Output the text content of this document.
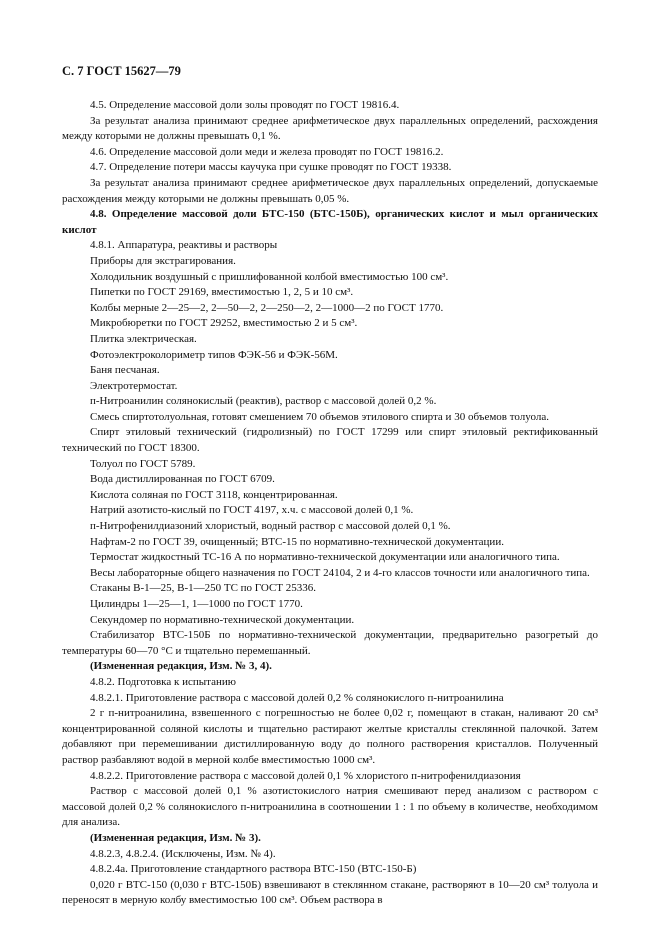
С. 7 ГОСТ 15627—79

4.5. Определение массовой доли золы проводят по ГОСТ 19816.4.

За результат анализа принимают среднее арифметическое двух параллельных определений, расхождения между которыми не должны превышать 0,1 %.

4.6. Определение массовой доли меди и железа проводят по ГОСТ 19816.2.

4.7. Определение потери массы каучука при сушке проводят по ГОСТ 19338.

За результат анализа принимают среднее арифметическое двух параллельных определений, допускаемые расхождения между которыми не должны превышать 0,05 %.

4.8. Определение массовой доли БТС-150 (БТС-150Б), органических кислот и мыл органических кислот

4.8.1. Аппаратура, реактивы и растворы

Приборы для экстрагирования.

Холодильник воздушный с пришлифованной колбой вместимостью 100 см³.

Пипетки по ГОСТ 29169, вместимостью 1, 2, 5 и 10 см³.

Колбы мерные 2—25—2, 2—50—2, 2—250—2, 2—1000—2 по ГОСТ 1770.

Микробюретки по ГОСТ 29252, вместимостью 2 и 5 см³.

Плитка электрическая.

Фотоэлектроколориметр типов ФЭК-56 и ФЭК-56М.

Баня песчаная.

Электротермостат.

п-Нитроанилин солянокислый (реактив), раствор с массовой долей 0,2 %.

Смесь спиртотолуольная, готовят смешением 70 объемов этилового спирта и 30 объемов толуола.

Спирт этиловый технический (гидролизный) по ГОСТ 17299 или спирт этиловый ректификованный технический по ГОСТ 18300.

Толуол по ГОСТ 5789.

Вода дистиллированная по ГОСТ 6709.

Кислота соляная по ГОСТ 3118, концентрированная.

Натрий азотисто-кислый по ГОСТ 4197, х.ч. с массовой долей 0,1 %.

п-Нитрофенилдиазоний хлористый, водный раствор с массовой долей 0,1 %.

Нафтам-2 по ГОСТ 39, очищенный; ВТС-15 по нормативно-технической документации.

Термостат жидкостный ТС-16 А по нормативно-технической документации или аналогичного типа.

Весы лабораторные общего назначения по ГОСТ 24104, 2 и 4-го классов точности или аналогичного типа.

Стаканы В-1—25, В-1—250 ТС по ГОСТ 25336.

Цилиндры 1—25—1, 1—1000 по ГОСТ 1770.

Секундомер по нормативно-технической документации.

Стабилизатор ВТС-150Б по нормативно-технической документации, предварительно разогретый до температуры 60—70 °С и тщательно перемешанный.

(Измененная редакция, Изм. № 3, 4).

4.8.2. Подготовка к испытанию

4.8.2.1. Приготовление раствора с массовой долей 0,2 % солянокислого п-нитроанилина

2 г п-нитроанилина, взвешенного с погрешностью не более 0,02 г, помещают в стакан, наливают 20 см³ концентрированной соляной кислоты и тщательно растирают желтые кристаллы стеклянной палочкой. Затем добавляют при перемешивании дистиллированную воду до полного растворения кристаллов. Полученный раствор разбавляют водой в мерной колбе вместимостью 1000 см³.

4.8.2.2. Приготовление раствора с массовой долей 0,1 % хлористого п-нитрофенилдиазония

Раствор с массовой долей 0,1 % азотистокислого натрия смешивают перед анализом с раствором с массовой долей 0,2 % солянокислого п-нитроанилина в соотношении 1 : 1 по объему в количестве, необходимом для анализа.

(Измененная редакция, Изм. № 3).

4.8.2.3, 4.8.2.4. (Исключены, Изм. № 4).

4.8.2.4а. Приготовление стандартного раствора ВТС-150 (ВТС-150-Б)

0,020 г ВТС-150 (0,030 г ВТС-150Б) взвешивают в стеклянном стакане, растворяют в 10—20 см³ толуола и переносят в мерную колбу вместимостью 100 см³. Объем раствора в
